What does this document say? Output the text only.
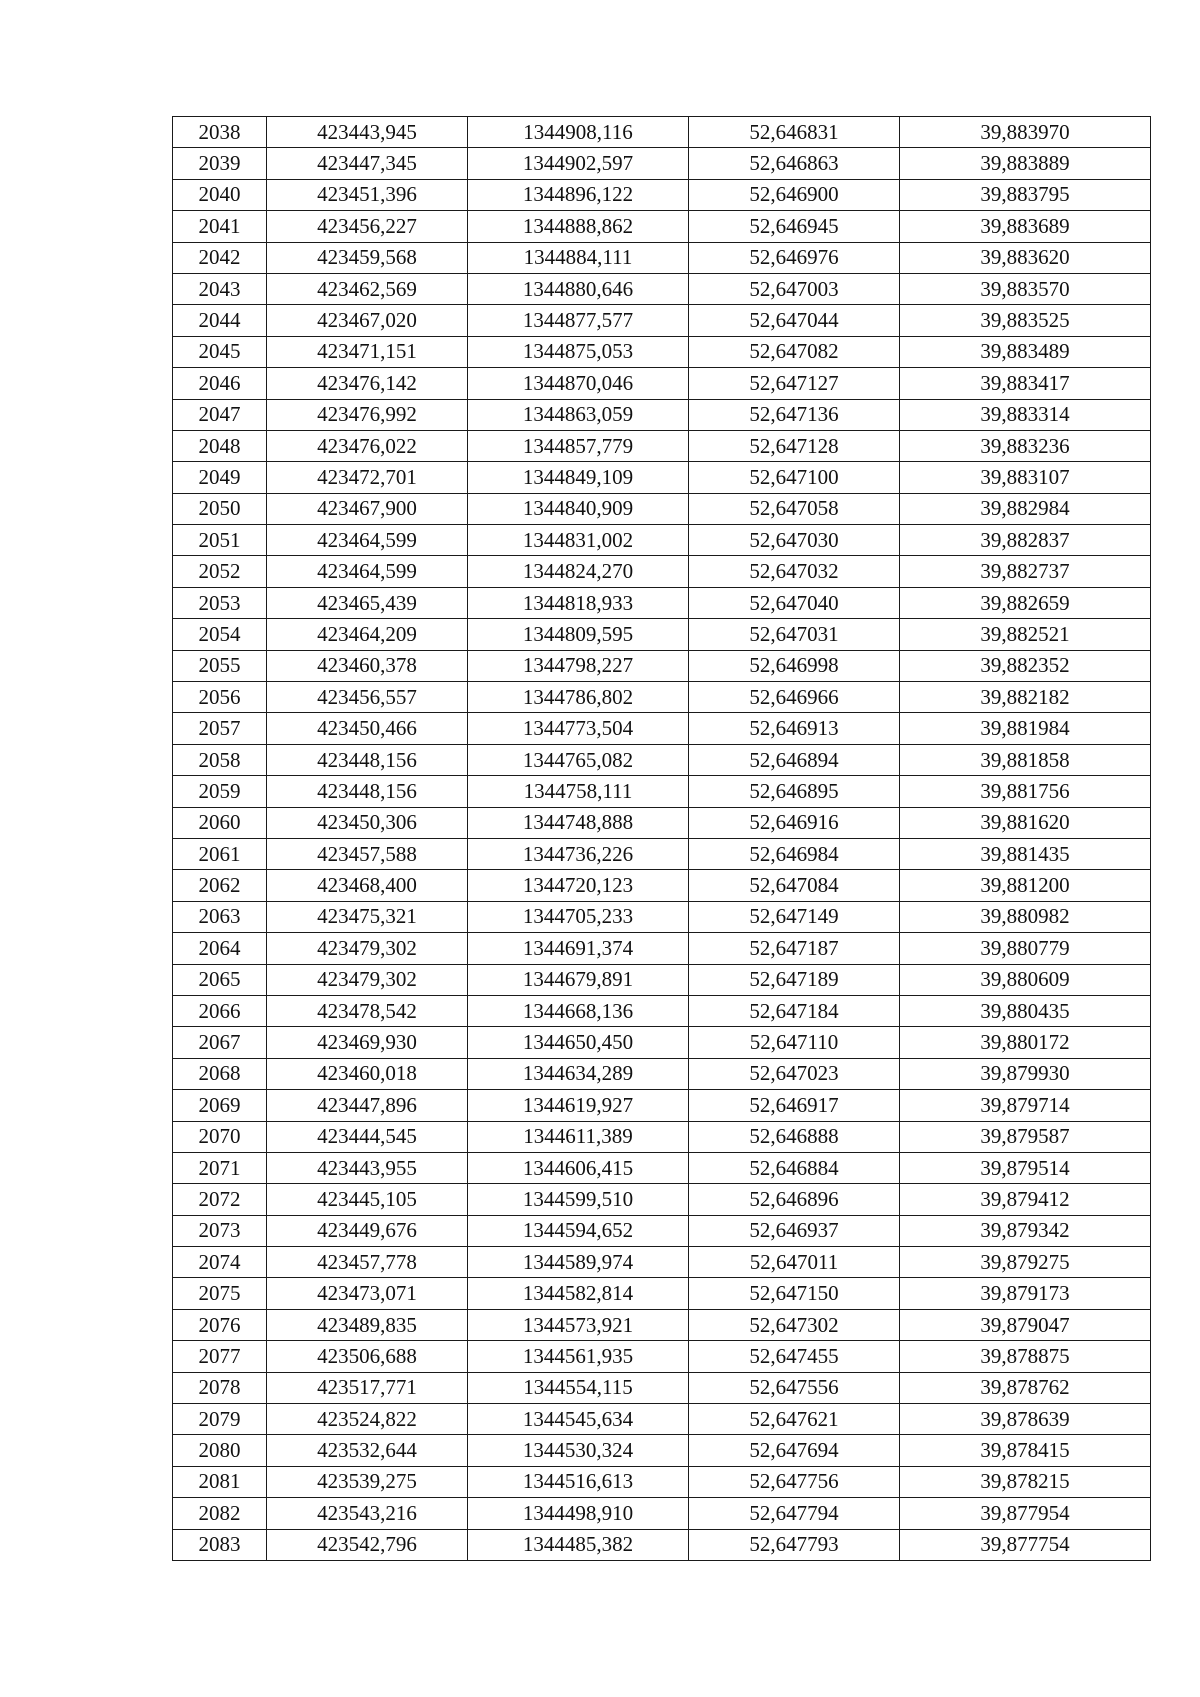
2038	423443,945	1344908,116	52,646831	39,883970
2039	423447,345	1344902,597	52,646863	39,883889
2040	423451,396	1344896,122	52,646900	39,883795
2041	423456,227	1344888,862	52,646945	39,883689
2042	423459,568	1344884,111	52,646976	39,883620
2043	423462,569	1344880,646	52,647003	39,883570
2044	423467,020	1344877,577	52,647044	39,883525
2045	423471,151	1344875,053	52,647082	39,883489
2046	423476,142	1344870,046	52,647127	39,883417
2047	423476,992	1344863,059	52,647136	39,883314
2048	423476,022	1344857,779	52,647128	39,883236
2049	423472,701	1344849,109	52,647100	39,883107
2050	423467,900	1344840,909	52,647058	39,882984
2051	423464,599	1344831,002	52,647030	39,882837
2052	423464,599	1344824,270	52,647032	39,882737
2053	423465,439	1344818,933	52,647040	39,882659
2054	423464,209	1344809,595	52,647031	39,882521
2055	423460,378	1344798,227	52,646998	39,882352
2056	423456,557	1344786,802	52,646966	39,882182
2057	423450,466	1344773,504	52,646913	39,881984
2058	423448,156	1344765,082	52,646894	39,881858
2059	423448,156	1344758,111	52,646895	39,881756
2060	423450,306	1344748,888	52,646916	39,881620
2061	423457,588	1344736,226	52,646984	39,881435
2062	423468,400	1344720,123	52,647084	39,881200
2063	423475,321	1344705,233	52,647149	39,880982
2064	423479,302	1344691,374	52,647187	39,880779
2065	423479,302	1344679,891	52,647189	39,880609
2066	423478,542	1344668,136	52,647184	39,880435
2067	423469,930	1344650,450	52,647110	39,880172
2068	423460,018	1344634,289	52,647023	39,879930
2069	423447,896	1344619,927	52,646917	39,879714
2070	423444,545	1344611,389	52,646888	39,879587
2071	423443,955	1344606,415	52,646884	39,879514
2072	423445,105	1344599,510	52,646896	39,879412
2073	423449,676	1344594,652	52,646937	39,879342
2074	423457,778	1344589,974	52,647011	39,879275
2075	423473,071	1344582,814	52,647150	39,879173
2076	423489,835	1344573,921	52,647302	39,879047
2077	423506,688	1344561,935	52,647455	39,878875
2078	423517,771	1344554,115	52,647556	39,878762
2079	423524,822	1344545,634	52,647621	39,878639
2080	423532,644	1344530,324	52,647694	39,878415
2081	423539,275	1344516,613	52,647756	39,878215
2082	423543,216	1344498,910	52,647794	39,877954
2083	423542,796	1344485,382	52,647793	39,877754
